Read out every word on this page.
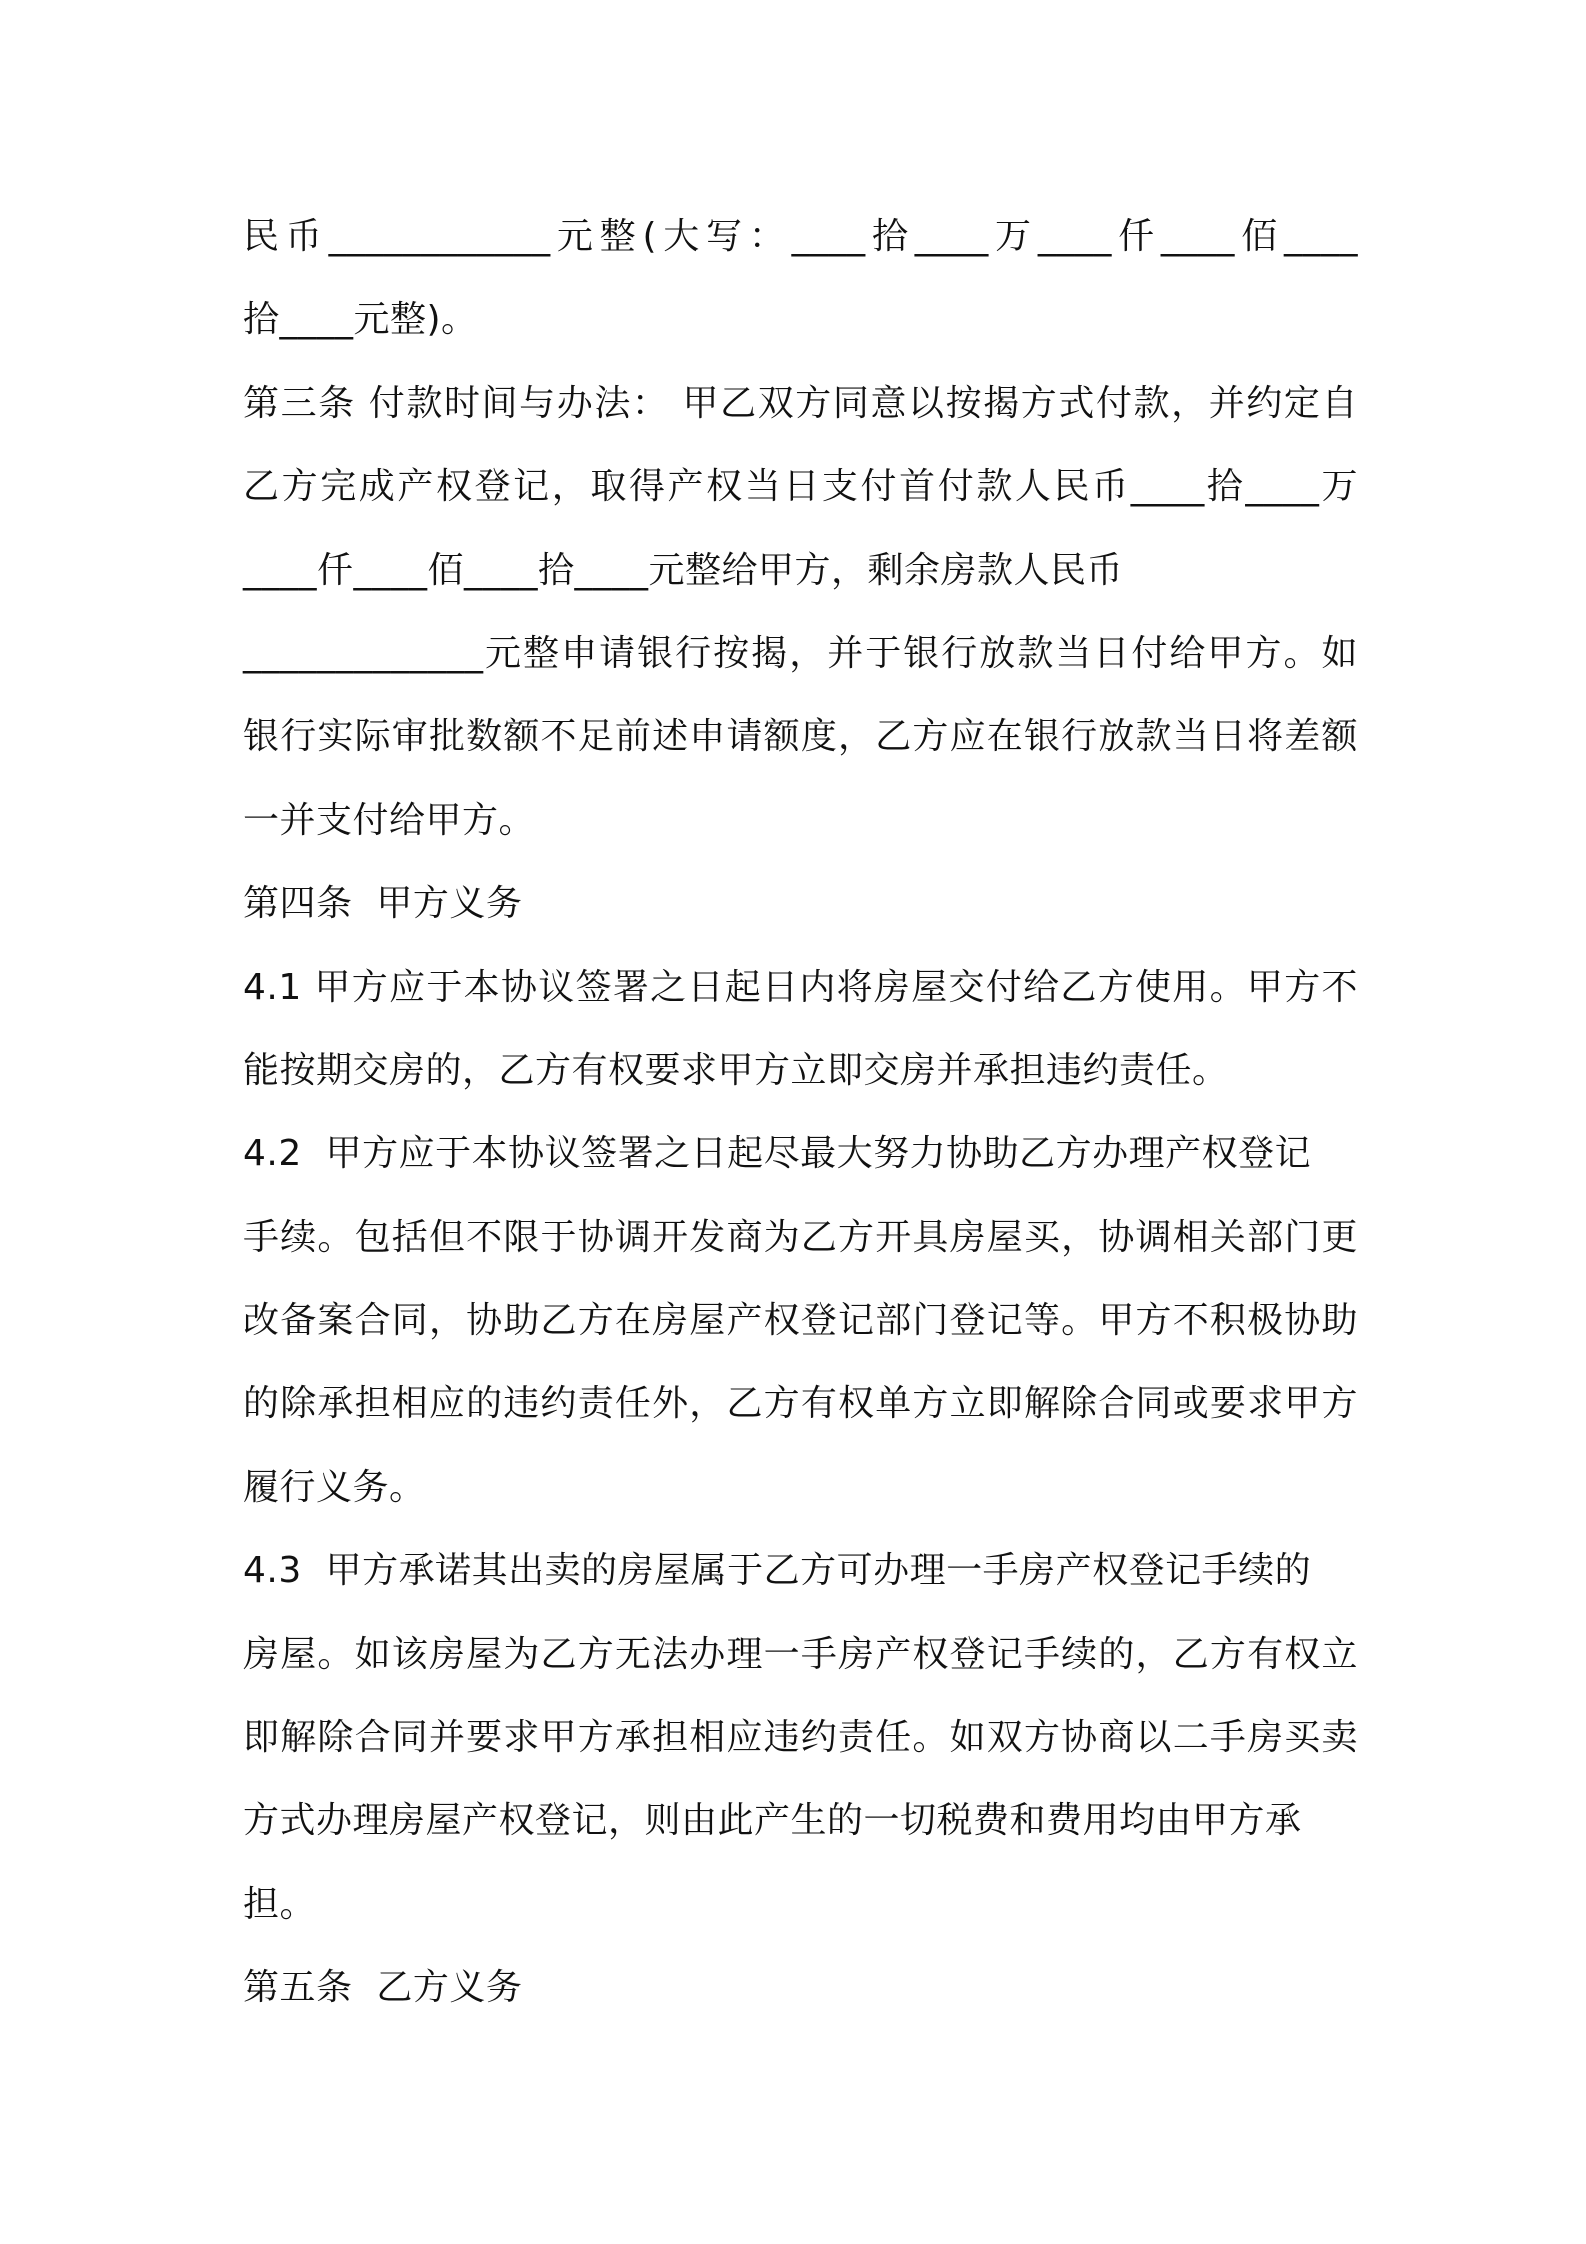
民币____________元整(大写：____拾____万____仟____佰____
拾____元整)。
第三条 付款时间与办法： 甲乙双方同意以按揭方式付款，并约定自
乙方完成产权登记，取得产权当日支付首付款人民币____拾____万
____仟____佰____拾____元整给甲方，剩余房款人民币
_____________元整申请银行按揭，并于银行放款当日付给甲方。如
银行实际审批数额不足前述申请额度，乙方应在银行放款当日将差额
一并支付给甲方。
第四条  甲方义务
4.1 甲方应于本协议签署之日起日内将房屋交付给乙方使用。甲方不
能按期交房的，乙方有权要求甲方立即交房并承担违约责任。
4.2  甲方应于本协议签署之日起尽最大努力协助乙方办理产权登记
手续。包括但不限于协调开发商为乙方开具房屋买，协调相关部门更
改备案合同，协助乙方在房屋产权登记部门登记等。甲方不积极协助
的除承担相应的违约责任外，乙方有权单方立即解除合同或要求甲方
履行义务。
4.3  甲方承诺其出卖的房屋属于乙方可办理一手房产权登记手续的
房屋。如该房屋为乙方无法办理一手房产权登记手续的，乙方有权立
即解除合同并要求甲方承担相应违约责任。如双方协商以二手房买卖
方式办理房屋产权登记，则由此产生的一切税费和费用均由甲方承
担。
第五条  乙方义务
